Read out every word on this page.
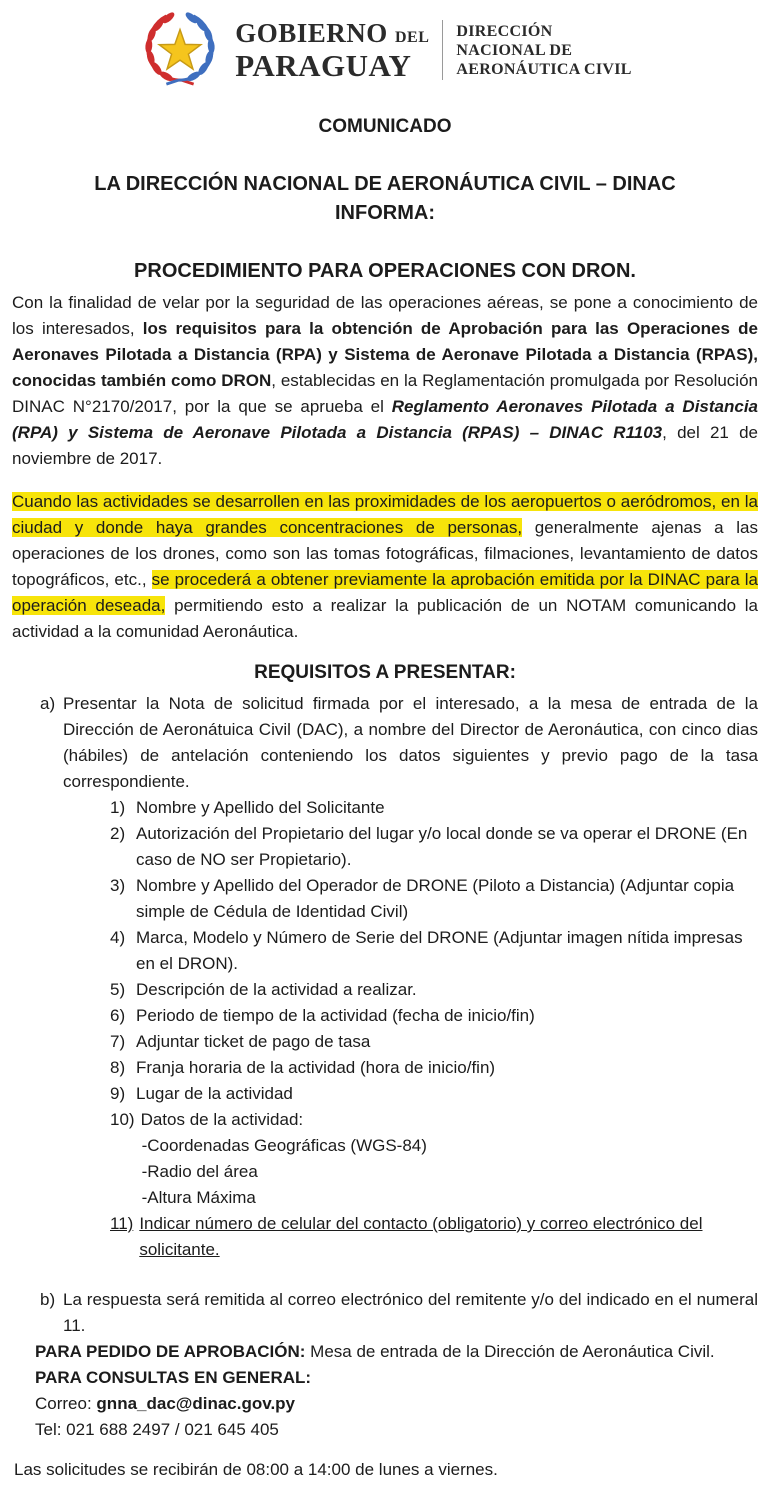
GOBIERNO DEL
PARAGUAY
DIRECCIÓN
NACIONAL DE
AERONÁUTICA CIVIL
COMUNICADO
LA DIRECCIÓN NACIONAL DE AERONÁUTICA CIVIL – DINAC
INFORMA:
PROCEDIMIENTO PARA OPERACIONES CON DRON.

Con la finalidad de velar por la seguridad de las operaciones aéreas, se pone a conocimiento de los interesados, los requisitos para la obtención de Aprobación para las Operaciones de Aeronaves Pilotada a Distancia (RPA) y Sistema de Aeronave Pilotada a Distancia (RPAS), conocidas también como DRON, establecidas en la Reglamentación promulgada por Resolución DINAC N°2170/2017, por la que se aprueba el Reglamento Aeronaves Pilotada a Distancia (RPA) y Sistema de Aeronave Pilotada a Distancia (RPAS) – DINAC R1103, del 21 de noviembre de 2017.

Cuando las actividades se desarrollen en las proximidades de los aeropuertos o aeródromos, en la ciudad y donde haya grandes concentraciones de personas, generalmente ajenas a las operaciones de los drones, como son las tomas fotográficas, filmaciones, levantamiento de datos topográficos, etc., se procederá a obtener previamente la aprobación emitida por la DINAC para la operación deseada, permitiendo esto a realizar la publicación de un NOTAM comunicando la actividad a la comunidad Aeronáutica.

REQUISITOS A PRESENTAR:
a) Presentar la Nota de solicitud firmada por el interesado, a la mesa de entrada de la Dirección de Aeronátuica Civil (DAC), a nombre del Director de Aeronáutica, con cinco dias (hábiles) de antelación conteniendo los datos siguientes y previo pago de la tasa correspondiente.
1) Nombre y Apellido del Solicitante
2) Autorización del Propietario del lugar y/o local donde se va operar el DRONE (En caso de NO ser Propietario).
3) Nombre y Apellido del Operador de DRONE (Piloto a Distancia) (Adjuntar copia simple de Cédula de Identidad Civil)
4) Marca, Modelo y Número de Serie del DRONE (Adjuntar imagen nítida impresas en el DRON).
5) Descripción de la actividad a realizar.
6) Periodo de tiempo de la actividad (fecha de inicio/fin)
7) Adjuntar ticket de pago de tasa
8) Franja horaria de la actividad (hora de inicio/fin)
9) Lugar de la actividad
10) Datos de la actividad:
-Coordenadas Geográficas (WGS-84)
-Radio del área
-Altura Máxima
11) Indicar número de celular del contacto (obligatorio) y correo electrónico del solicitante.
b) La respuesta será remitida al correo electrónico del remitente y/o del indicado en el numeral 11.
PARA PEDIDO DE APROBACIÓN: Mesa de entrada de la Dirección de Aeronáutica Civil.
PARA CONSULTAS EN GENERAL:
Correo: gnna_dac@dinac.gov.py
Tel: 021 688 2497 / 021 645 405
Las solicitudes se recibirán de 08:00 a 14:00 de lunes a viernes.
